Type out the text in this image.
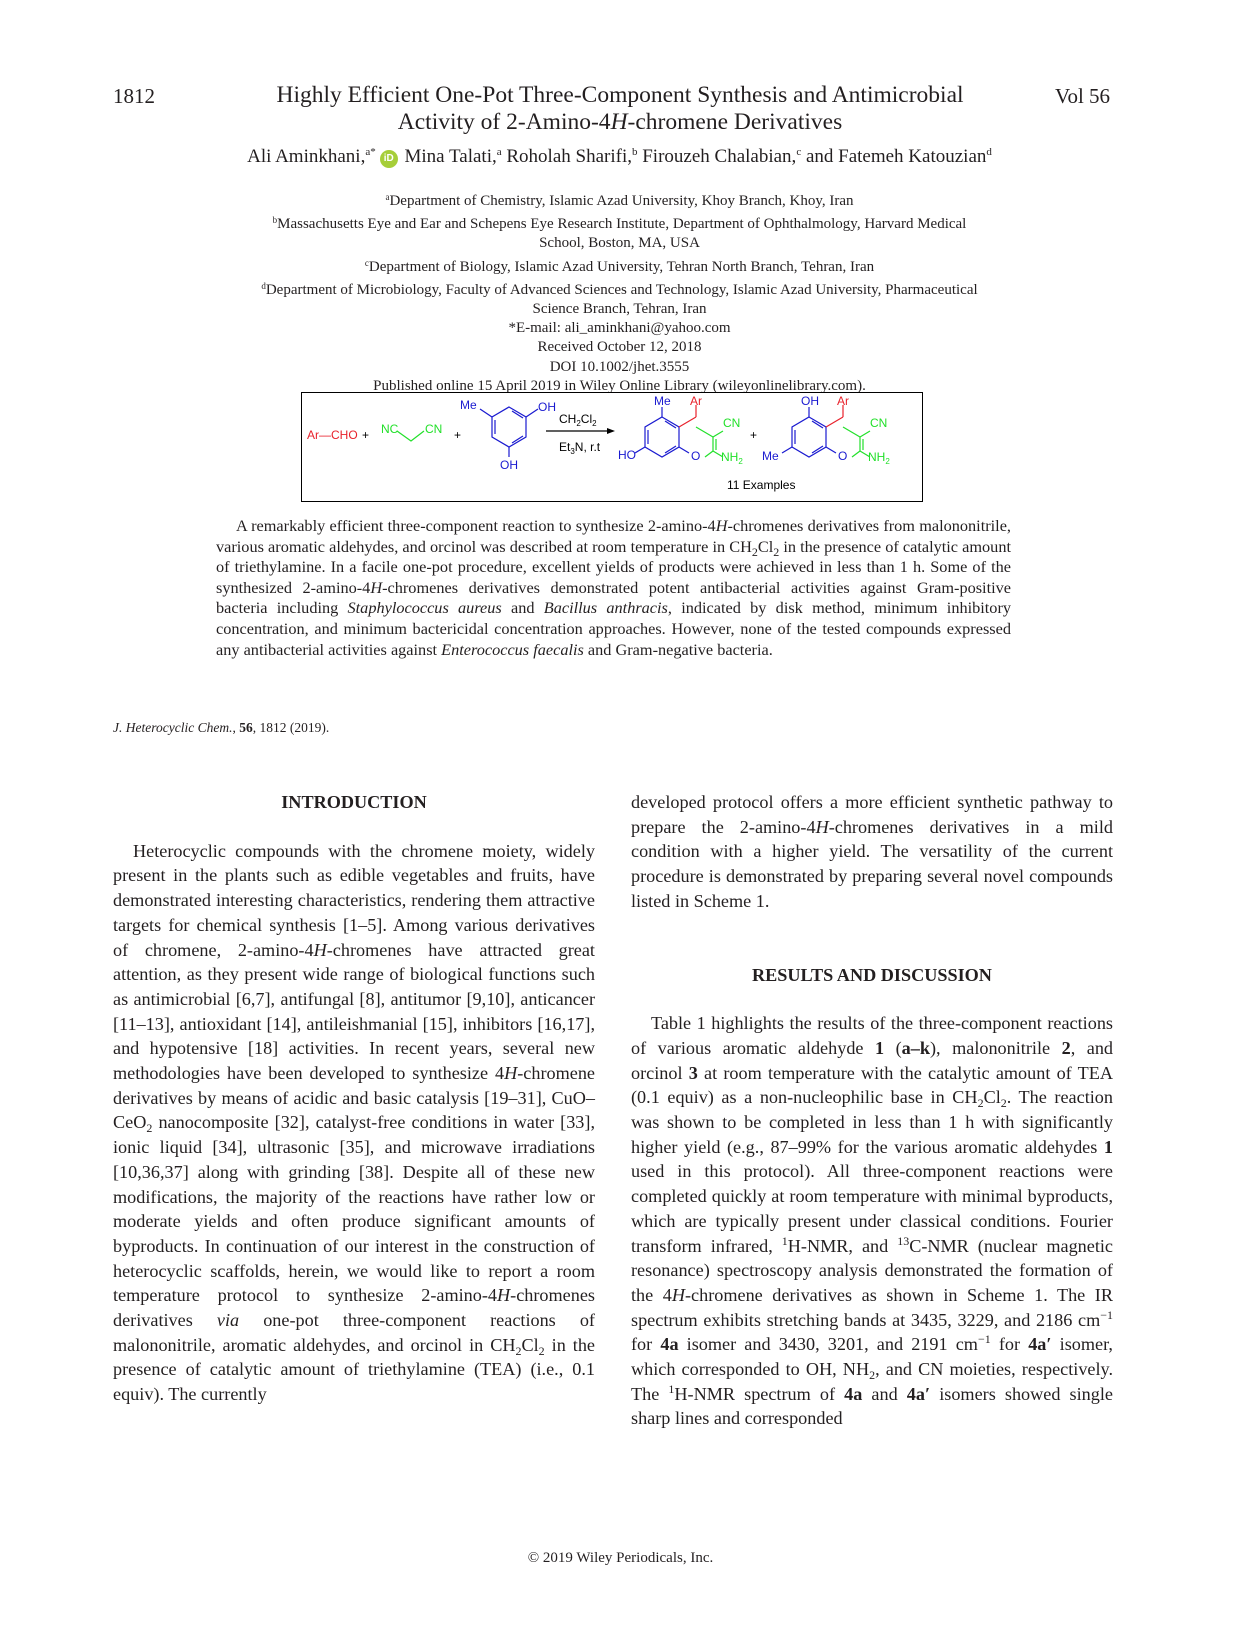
1812	Vol 56
Highly Efficient One-Pot Three-Component Synthesis and Antimicrobial
Activity of 2-Amino-4H-chromene Derivatives
Ali Aminkhani,$^{a*}$iD Mina Talati,$^a$ Roholah Sharifi,$^b$ Firouzeh Chalabian,$^c$ and Fatemeh Katouzian$^d$
$^a$Department of Chemistry, Islamic Azad University, Khoy Branch, Khoy, Iran
$^b$Massachusetts Eye and Ear and Schepens Eye Research Institute, Department of Ophthalmology, Harvard Medical
School, Boston, MA, USA
$^c$Department of Biology, Islamic Azad University, Tehran North Branch, Tehran, Iran
$^d$Department of Microbiology, Faculty of Advanced Sciences and Technology, Islamic Azad University, Pharmaceutical
Science Branch, Tehran, Iran
*E-mail: ali_aminkhani@yahoo.com
Received October 12, 2018
DOI 10.1002/jhet.3555
Published online 15 April 2019 in Wiley Online Library (wileyonlinelibrary.com).
Ar—CHO + NC CN +
Me	OH
OH
$CH_2Cl_2$
$Et_3N$, r.t
Me Ar
CN
HO	O $NH_2$
+
OH Ar
CN
Me	O $NH_2$
11 Examples

A remarkably efficient three-component reaction to synthesize 2-amino-4H-chromenes derivatives from malononitrile, various aromatic aldehydes, and orcinol was described at room temperature in $CH_2Cl_2$ in the presence of catalytic amount of triethylamine. In a facile one-pot procedure, excellent yields of products were achieved in less than 1 h. Some of the synthesized 2-amino-4H-chromenes derivatives demonstrated potent antibacterial activities against Gram-positive bacteria including Staphylococcus aureus and Bacillus anthracis, indicated by disk method, minimum inhibitory concentration, and minimum bactericidal concentration approaches. However, none of the tested compounds expressed any antibacterial activities against Enterococcus faecalis and Gram-negative bacteria.

J. Heterocyclic Chem., 56, 1812 (2019).
INTRODUCTION

Heterocyclic compounds with the chromene moiety, widely present in the plants such as edible vegetables and fruits, have demonstrated interesting characteristics, rendering them attractive targets for chemical synthesis [1–5]. Among various derivatives of chromene, 2-amino-4H-chromenes have attracted great attention, as they present wide range of biological functions such as antimicrobial [6,7], antifungal [8], antitumor [9,10], anticancer [11–13], antioxidant [14], antileishmanial [15], inhibitors [16,17], and hypotensive [18] activities. In recent years, several new methodologies have been developed to synthesize 4H-chromene derivatives by means of acidic and basic catalysis [19–31], CuO–CeO$_2$ nanocomposite [32], catalyst-free conditions in water [33], ionic liquid [34], ultrasonic [35], and microwave irradiations [10,36,37] along with grinding [38]. Despite all of these new modifications, the majority of the reactions have rather low or moderate yields and often produce significant amounts of byproducts. In continuation of our interest in the construction of heterocyclic scaffolds, herein, we would like to report a room temperature protocol to synthesize 2-amino-4H-chromenes derivatives via one-pot three-component reactions of malononitrile, aromatic aldehydes, and orcinol in $CH_2Cl_2$ in the presence of catalytic amount of triethylamine (TEA) (i.e., 0.1 equiv). The currently

developed protocol offers a more efficient synthetic pathway to prepare the 2-amino-4H-chromenes derivatives in a mild condition with a higher yield. The versatility of the current procedure is demonstrated by preparing several novel compounds listed in Scheme 1.

RESULTS AND DISCUSSION

Table 1 highlights the results of the three-component reactions of various aromatic aldehyde 1 (a–k), malononitrile 2, and orcinol 3 at room temperature with the catalytic amount of TEA (0.1 equiv) as a non-nucleophilic base in $CH_2Cl_2$. The reaction was shown to be completed in less than 1 h with significantly higher yield (e.g., 87–99% for the various aromatic aldehydes 1 used in this protocol). All three-component reactions were completed quickly at room temperature with minimal byproducts, which are typically present under classical conditions. Fourier transform infrared, $^1$H-NMR, and $^{13}$C-NMR (nuclear magnetic resonance) spectroscopy analysis demonstrated the formation of the 4H-chromene derivatives as shown in Scheme 1. The IR spectrum exhibits stretching bands at 3435, 3229, and 2186 $cm^{-1}$ for 4a isomer and 3430, 3201, and 2191 $cm^{-1}$ for 4a′ isomer, which corresponded to OH, $NH_2$, and CN moieties, respectively. The $^1$H-NMR spectrum of 4a and 4a′ isomers showed single sharp lines and corresponded

© 2019 Wiley Periodicals, Inc.
